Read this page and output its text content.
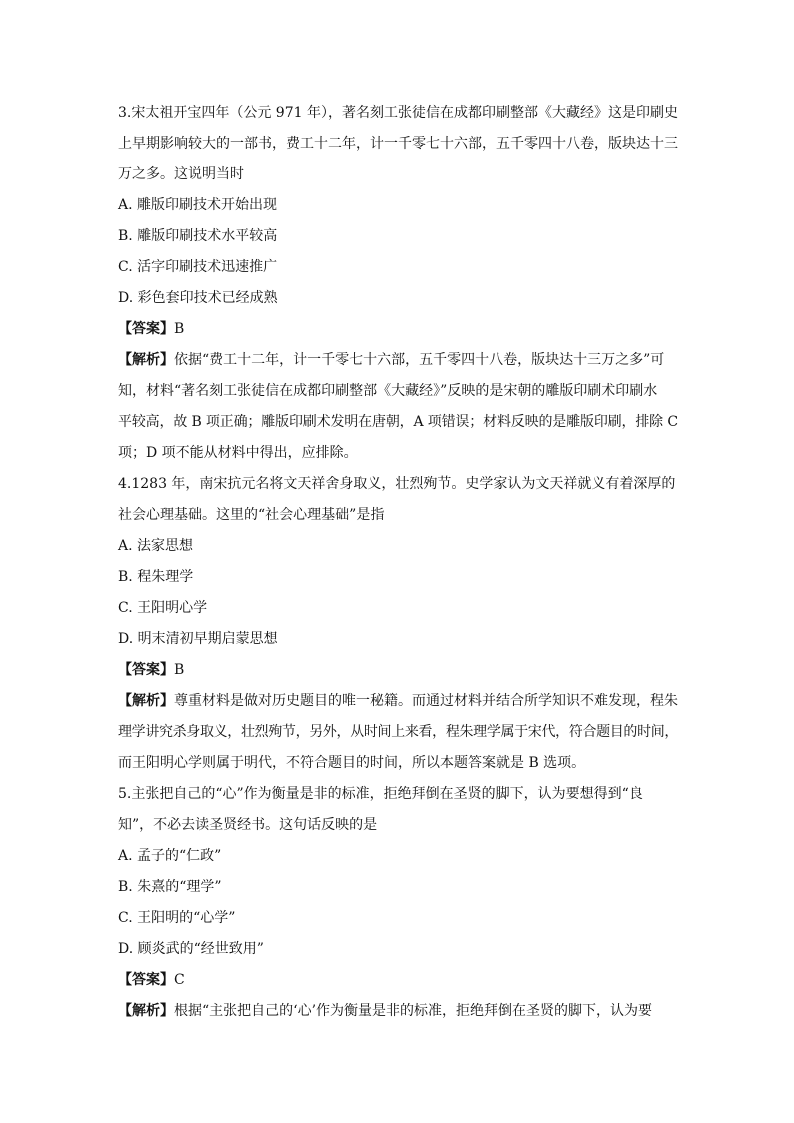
3.宋太祖开宝四年（公元 971 年），著名刻工张徒信在成都印刷整部《大藏经》这是印刷史
上早期影响较大的一部书，费工十二年，计一千零七十六部，五千零四十八卷，版块达十三
万之多。这说明当时
A. 雕版印刷技术开始出现
B. 雕版印刷技术水平较高
C. 活字印刷技术迅速推广
D. 彩色套印技术已经成熟
【答案】B
【解析】依据“费工十二年，计一千零七十六部，五千零四十八卷，版块达十三万之多”可
知，材料“著名刻工张徒信在成都印刷整部《大藏经》”反映的是宋朝的雕版印刷术印刷水
平较高，故 B 项正确；雕版印刷术发明在唐朝，A 项错误；材料反映的是雕版印刷，排除 C
项；D 项不能从材料中得出，应排除。
4.1283 年，南宋抗元名将文天祥舍身取义，壮烈殉节。史学家认为文天祥就义有着深厚的
社会心理基础。这里的“社会心理基础”是指
A. 法家思想
B. 程朱理学
C. 王阳明心学
D. 明末清初早期启蒙思想
【答案】B
【解析】尊重材料是做对历史题目的唯一秘籍。而通过材料并结合所学知识不难发现，程朱
理学讲究杀身取义，壮烈殉节，另外，从时间上来看，程朱理学属于宋代，符合题目的时间，
而王阳明心学则属于明代，不符合题目的时间，所以本题答案就是 B 选项。
5.主张把自己的“心”作为衡量是非的标准，拒绝拜倒在圣贤的脚下，认为要想得到“良
知”，不必去读圣贤经书。这句话反映的是
A. 孟子的“仁政”
B. 朱熹的“理学”
C. 王阳明的“心学”
D. 顾炎武的“经世致用”
【答案】C
【解析】根据“主张把自己的‘心’作为衡量是非的标准，拒绝拜倒在圣贤的脚下，认为要
